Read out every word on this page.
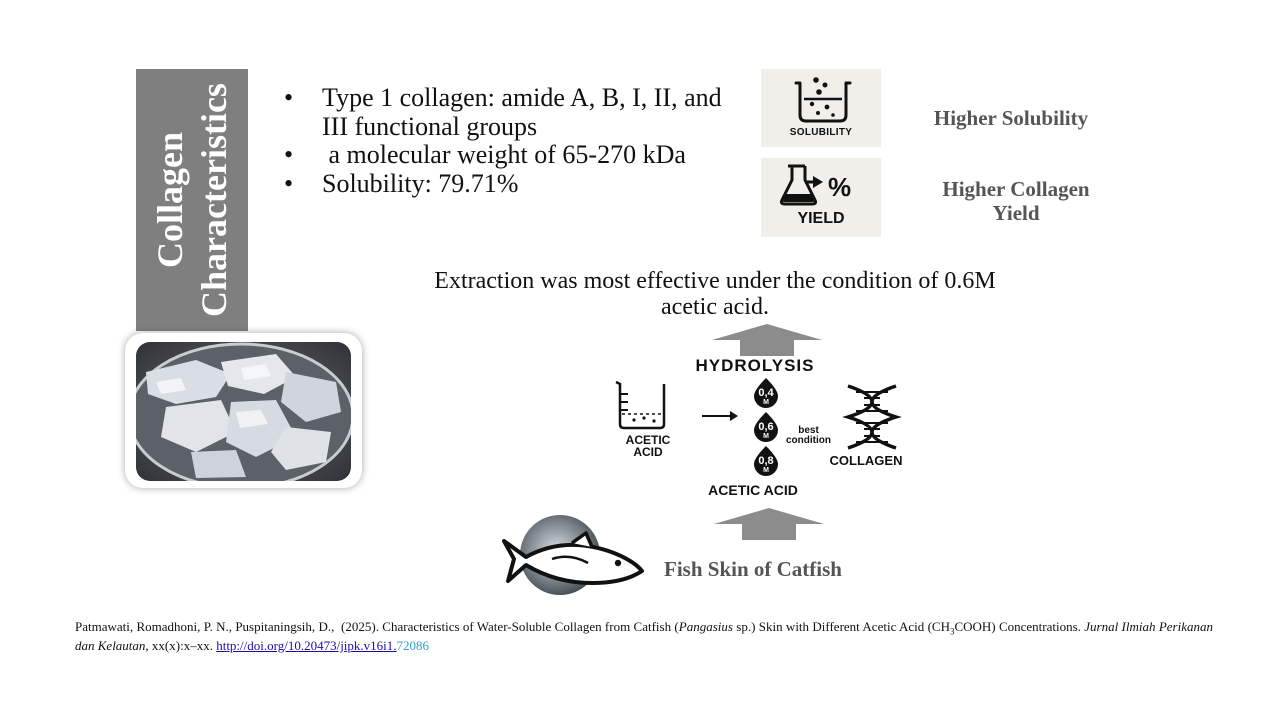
Collagen Characteristics • Type 1 collagen: amide A, B, I, II, and III functional groups
• a molecular weight of 65-270 kDa
• Solubility: 79.71%
SOLUBILITY
Higher Solubility
%
YIELD
Higher Collagen
Yield
Extraction was most effective under the condition of 0.6M
acetic acid.
HYDROLYSIS
ACETIC
ACID
0,4
M
0,6
M
best
condition
0,8
M
COLLAGEN
ACETIC ACID
Fish Skin of Catfish
Patmawati, Romadhoni, P. N., Puspitaningsih, D.,  (2025). Characteristics of Water-Soluble Collagen from Catfish (Pangasius sp.) Skin with Different Acetic Acid $(CH_3COOH)$ Concentrations. Jurnal Ilmiah Perikanan dan Kelautan, xx(x):x–xx. http://doi.org/10.20473/jipk.v16i1.72086
